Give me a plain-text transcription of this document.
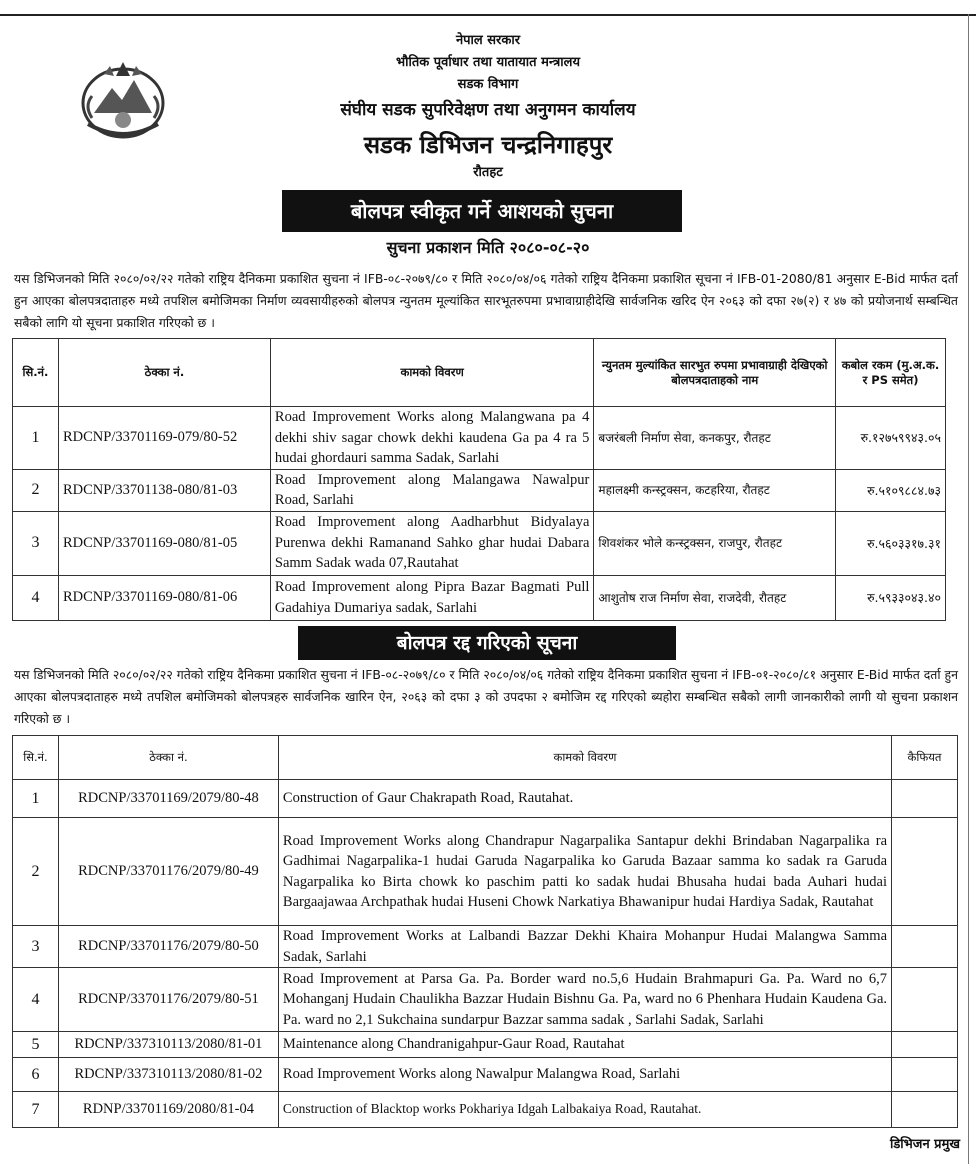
नेपाल सरकार
भौतिक पूर्वाधार तथा यातायात मन्त्रालय
सडक विभाग
संघीय सडक सुपरिवेक्षण तथा अनुगमन कार्यालय
सडक डिभिजन चन्द्रनिगाहपुर
रौतहट
बोलपत्र स्वीकृत गर्ने आशयको सुचना
सुचना प्रकाशन मिति २०८०-०८-२०
यस डिभिजनको मिति २०८०/०२/२२ गतेको राष्ट्रिय दैनिकमा प्रकाशित सुचना नं IFB-०८-२०७९/८० र मिति २०८०/०४/०६ गतेको राष्ट्रिय दैनिकमा प्रकाशित सूचना नं IFB-01-2080/81 अनुसार E-Bid मार्फत दर्ता हुन आएका बोलपत्रदाताहरु मध्ये तपशिल बमोजिमका निर्माण व्यवसायीहरुको बोलपत्र न्युनतम मूल्यांकित सारभूतरुपमा प्रभावाग्राहीदेखि सार्वजनिक खरिद ऐन २०६३ को दफा २७(२) र ४७ को प्रयोजनार्थ सम्बन्धित सबैको लागि यो सूचना प्रकाशित गरिएको छ ।
सि.नं.	ठेक्का नं.	कामको विवरण	न्युनतम मुल्यांकित सारभुत रुपमा प्रभावाग्राही देखिएको बोलपत्रदाताहको नाम	कबोल रकम (मु.अ.क. र PS समेत)
1	RDCNP/33701169-079/80-52	Road Improvement Works along Malangwana pa 4 dekhi shiv sagar chowk dekhi kaudena Ga pa 4 ra 5 hudai ghordauri samma Sadak, Sarlahi	बजरंबली निर्माण सेवा, कनकपुर, रौतहट	रु.१२७५९९४३.०५
2	RDCNP/33701138-080/81-03	Road Improvement along Malangawa Nawalpur Road, Sarlahi	महालक्ष्मी कन्स्ट्रक्सन, कटहरिया, रौतहट	रु.५१०९८८४.७३
3	RDCNP/33701169-080/81-05	Road Improvement along Aadharbhut Bidyalaya Purenwa dekhi Ramanand Sahko ghar hudai Dabara Samm Sadak wada 07,Rautahat	शिवशंकर भोले कन्स्ट्रक्सन, राजपुर, रौतहट	रु.५६०३३१७.३१
4	RDCNP/33701169-080/81-06	Road Improvement along Pipra Bazar Bagmati Pull Gadahiya Dumariya sadak, Sarlahi	आशुतोष राज निर्माण सेवा, राजदेवी, रौतहट	रु.५९३३०४३.४०
बोलपत्र रद्द गरिएको सूचना
यस डिभिजनको मिति २०८०/०२/२२ गतेको राष्ट्रिय दैनिकमा प्रकाशित सुचना नं IFB-०८-२०७९/८० र मिति २०८०/०४/०६ गतेको राष्ट्रिय दैनिकमा प्रकाशित सुचना नं IFB-०१-२०८०/८१ अनुसार E-Bid मार्फत दर्ता हुन आएका बोलपत्रदाताहरु मध्ये तपशिल बमोजिमको बोलपत्रहरु सार्वजनिक खारिन ऐन, २०६३ को दफा ३ को उपदफा २ बमोजिम रद्द गरिएको ब्यहोरा सम्बन्धित सबैको लागी जानकारीको लागी यो सुचना प्रकाशन गरिएको छ ।
सि.नं.	ठेक्का नं.	कामको विवरण	कैफियत
1	RDCNP/33701169/2079/80-48	Construction of Gaur Chakrapath Road, Rautahat.	
2	RDCNP/33701176/2079/80-49	Road Improvement Works along Chandrapur Nagarpalika Santapur dekhi Brindaban Nagarpalika ra Gadhimai Nagarpalika-1 hudai Garuda Nagarpalika ko Garuda Bazaar samma ko sadak ra Garuda Nagarpalika ko Birta chowk ko paschim patti ko sadak hudai Bhusaha hudai bada Auhari hudai Bargaajawaa Archpathak hudai Huseni Chowk Narkatiya Bhawanipur hudai Hardiya Sadak, Rautahat	
3	RDCNP/33701176/2079/80-50	Road Improvement Works at Lalbandi Bazzar Dekhi Khaira Mohanpur Hudai Malangwa Samma Sadak, Sarlahi	
4	RDCNP/33701176/2079/80-51	Road Improvement at Parsa Ga. Pa. Border ward no.5,6 Hudain Brahmapuri Ga. Pa. Ward no 6,7 Mohanganj Hudain Chaulikha Bazzar Hudain Bishnu Ga. Pa, ward no 6 Phenhara Hudain Kaudena Ga. Pa. ward no 2,1 Sukchaina sundarpur Bazzar samma sadak , Sarlahi Sadak, Sarlahi	
5	RDCNP/337310113/2080/81-01	Maintenance along Chandranigahpur-Gaur Road, Rautahat	
6	RDCNP/337310113/2080/81-02	Road Improvement Works along Nawalpur Malangwa Road, Sarlahi	
7	RDNP/33701169/2080/81-04	Construction of Blacktop works Pokhariya Idgah Lalbakaiya Road, Rautahat.	
डिभिजन प्रमुख
